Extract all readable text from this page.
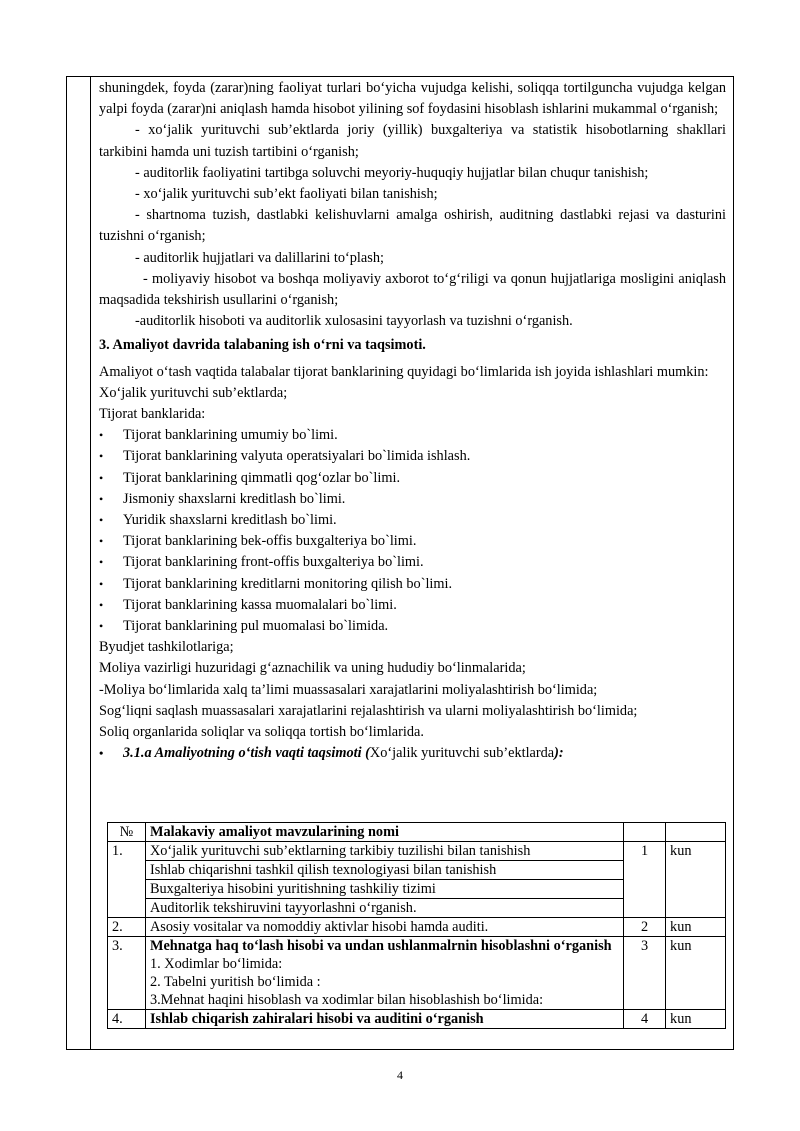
shuningdek, foyda (zarar)ning faoliyat turlari bo‘yicha vujudga kelishi, soliqqa tortilguncha vujudga kelgan yalpi foyda (zarar)ni aniqlash hamda hisobot yilining sof foydasini hisoblash ishlarini mukammal o‘rganish;

- xo‘jalik yurituvchi sub’ektlarda joriy (yillik) buxgalteriya va statistik hisobotlarning shakllari tarkibini hamda uni tuzish tartibini o‘rganish;

- auditorlik faoliyatini tartibga soluvchi meyoriy-huquqiy hujjatlar bilan chuqur tanishish;

- xo‘jalik yurituvchi sub’ekt faoliyati bilan tanishish;

- shartnoma tuzish, dastlabki kelishuvlarni amalga oshirish, auditning dastlabki rejasi va dasturini tuzishni o‘rganish;

- auditorlik hujjatlari va dalillarini to‘plash;

- moliyaviy hisobot va boshqa moliyaviy axborot to‘g‘riligi va qonun hujjatlariga mosligini aniqlash maqsadida tekshirish usullarini o‘rganish;

-auditorlik hisoboti va auditorlik xulosasini tayyorlash va tuzishni o‘rganish.

3. Amaliyot davrida talabaning ish o‘rni va taqsimoti.

Amaliyot o‘tash vaqtida talabalar tijorat banklarining quyidagi bo‘limlarida ish joyida ishlashlari mumkin:

Xo‘jalik yurituvchi sub’ektlarda;

Tijorat banklarida:

• Tijorat banklarining umumiy bo`limi.

• Tijorat banklarining valyuta operatsiyalari bo`limida ishlash.

• Tijorat banklarining qimmatli qog‘ozlar bo`limi.

• Jismoniy shaxslarni kreditlash bo`limi.

• Yuridik shaxslarni kreditlash bo`limi.

• Tijorat banklarining bek-offis buxgalteriya bo`limi.

• Tijorat banklarining front-offis buxgalteriya bo`limi.

• Tijorat banklarining kreditlarni monitoring qilish bo`limi.

• Tijorat banklarining kassa muomalalari bo`limi.

• Tijorat banklarining pul muomalasi bo`limida.

Byudjet tashkilotlariga;

Moliya vazirligi huzuridagi g‘aznachilik va uning hududiy bo‘linmalarida;

-Moliya bo‘limlarida xalq ta’limi muassasalari xarajatlarini moliyalashtirish bo‘limida;

Sog‘liqni saqlash muassasalari xarajatlarini rejalashtirish va ularni moliyalashtirish bo‘limida;

Soliq organlarida soliqlar va soliqqa tortish bo‘limlarida.

• 3.1.a Amaliyotning o‘tish vaqti taqsimoti (Xo‘jalik yurituvchi sub’ektlarda):

№	Malakaviy amaliyot mavzularining nomi		
1.	Xo‘jalik yurituvchi sub’ektlarning tarkibiy tuzilishi bilan tanishish
Ishlab chiqarishni tashkil qilish texnologiyasi bilan tanishish
Buxgalteriya hisobini yuritishning tashkiliy tizimi
Auditorlik tekshiruvini tayyorlashni o‘rganish.	1	kun
2.	Asosiy vositalar va nomoddiy aktivlar hisobi hamda auditi.	2	kun
3.	Mehnatga haq to‘lash hisobi va undan ushlanmalrnin hisoblashni o‘rganish
1. Xodimlar bo‘limida:
2. Tabelni yuritish bo‘limida :
3.Mehnat haqini hisoblash va xodimlar bilan hisoblashish bo‘limida:	3	kun
4.	Ishlab chiqarish zahiralari hisobi va auditini o‘rganish	4	kun
4
